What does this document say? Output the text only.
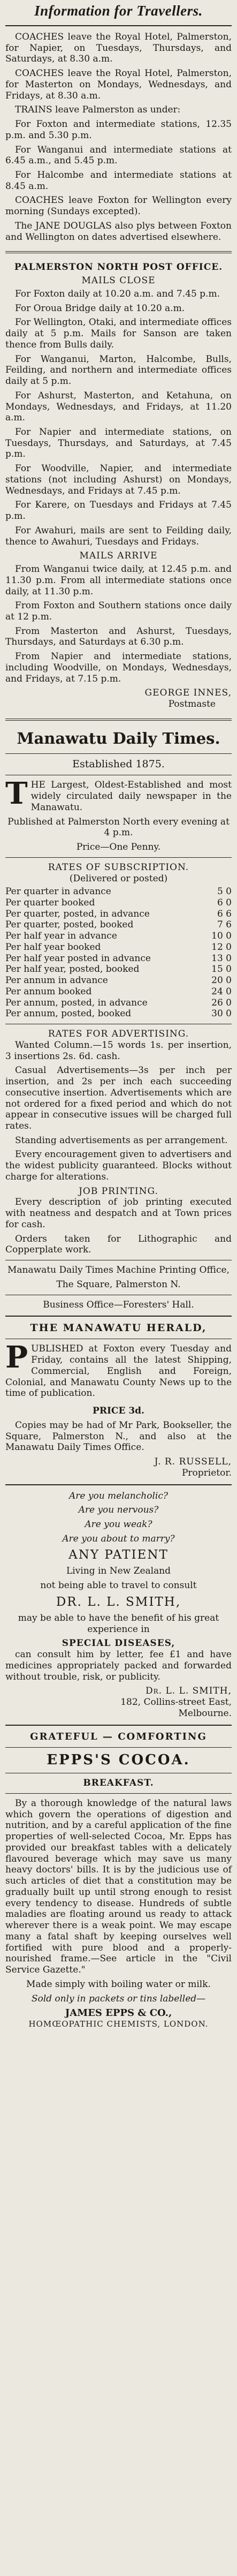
Information for Travellers.

COACHES leave the Royal Hotel, Palmerston, for Napier, on Tuesdays, Thursdays, and Saturdays, at 8.30 a.m.

COACHES leave the Royal Hotel, Palmerston, for Masterton on Mondays, Wednesdays, and Fridays, at 8.30 a.m.

TRAINS leave Palmerston as under:

For Foxton and intermediate stations, 12.35 p.m. and 5.30 p.m.

For Wanganui and intermediate stations at 6.45 a.m., and 5.45 p.m.

For Halcombe and intermediate stations at 8.45 a.m.

COACHES leave Foxton for Wellington every morning (Sundays excepted).

The JANE DOUGLAS also plys between Foxton and Wellington on dates advertised elsewhere.

PALMERSTON NORTH POST OFFICE.
MAILS CLOSE

For Foxton daily at 10.20 a.m. and 7.45 p.m.

For Oroua Bridge daily at 10.20 a.m.

For Wellington, Otaki, and intermediate offices daily at 5 p.m. Mails for Sanson are taken thence from Bulls daily.

For Wanganui, Marton, Halcombe, Bulls, Feilding, and northern and intermediate offices daily at 5 p.m.

For Ashurst, Masterton, and Ketahuna, on Mondays, Wednesdays, and Fridays, at 11.20 a.m.

For Napier and intermediate stations, on Tuesdays, Thursdays, and Saturdays, at 7.45 p.m.

For Woodville, Napier, and intermediate stations (not including Ashurst) on Mondays, Wednesdays, and Fridays at 7.45 p.m.

For Karere, on Tuesdays and Fridays at 7.45 p.m.

For Awahuri, mails are sent to Feilding daily, thence to Awahuri, Tuesdays and Fridays.

MAILS ARRIVE

From Wanganui twice daily, at 12.45 p.m. and 11.30 p.m. From all intermediate stations once daily, at 11.30 p.m.

From Foxton and Southern stations once daily at 12 p.m.

From Masterton and Ashurst, Tuesdays, Thursdays, and Saturdays at 6.30 p.m.

From Napier and intermediate stations, including Woodville, on Mondays, Wednesdays, and Fridays, at 7.15 p.m.

GEORGE INNES,
Postmaste
Manawatu Daily Times.
Established 1875.

T HE Largest, Oldest-Established and most widely circulated daily newspaper in the Manawatu.

Published at Palmerston North every evening at 4 p.m.

Price—One Penny.

RATES OF SUBSCRIPTION.
(Delivered or posted)
Per quarter in advance	5 0
Per quarter booked	6 0
Per quarter, posted, in advance	6 6
Per quarter, posted, booked	7 6
Per half year in advance	10 0
Per half year booked	12 0
Per half year posted in advance	13 0
Per half year, posted, booked	15 0
Per annum in advance	20 0
Per annum booked	24 0
Per annum, posted, in advance	26 0
Per annum, posted, booked	30 0
RATES FOR ADVERTISING.

Wanted Column.—15 words 1s. per insertion, 3 insertions 2s. 6d. cash.

Casual Advertisements—3s per inch per insertion, and 2s per inch each succeeding consecutive insertion. Advertisements which are not ordered for a fixed period and which do not appear in consecutive issues will be charged full rates.

Standing advertisements as per arrangement.

Every encouragement given to advertisers and the widest publicity guaranteed. Blocks without charge for alterations.

JOB PRINTING.

Every description of job printing executed with neatness and despatch and at Town prices for cash.

Orders taken for Lithographic and Copperplate work.

Manawatu Daily Times Machine Printing Office,

The Square, Palmerston N.

Business Office—Foresters' Hall.

THE MANAWATU HERALD,

P UBLISHED at Foxton every Tuesday and Friday, contains all the latest Shipping, Commercial, English and Foreign, Colonial, and Manawatu County News up to the time of publication.

PRICE 3d.

Copies may be had of Mr Park, Bookseller, the Square, Palmerston N., and also at the Manawatu Daily Times Office.

J. R. RUSSELL,
Proprietor.

Are you melancholic?

Are you nervous?

Are you weak?

Are you about to marry?

ANY PATIENT

Living in New Zealand

not being able to travel to consult

DR. L. L. SMITH,

may be able to have the benefit of his great experience in

SPECIAL DISEASES,

can consult him by letter, fee £1 and have medicines appropriately packed and forwarded without trouble, risk, or publicity.

Dr. L. L. SMITH,
182, Collins-street East,
Melbourne.
GRATEFUL — COMFORTING
EPPS'S COCOA.
BREAKFAST.

By a thorough knowledge of the natural laws which govern the operations of digestion and nutrition, and by a careful application of the fine properties of well-selected Cocoa, Mr. Epps has provided our breakfast tables with a delicately flavoured beverage which may save us many heavy doctors' bills. It is by the judicious use of such articles of diet that a constitution may be gradually built up until strong enough to resist every tendency to disease. Hundreds of subtle maladies are floating around us ready to attack wherever there is a weak point. We may escape many a fatal shaft by keeping ourselves well fortified with pure blood and a properly-nourished frame.—See article in the "Civil Service Gazette."

Made simply with boiling water or milk.

Sold only in packets or tins labelled—

JAMES EPPS & CO.,
HOMŒOPATHIC CHEMISTS, LONDON.
